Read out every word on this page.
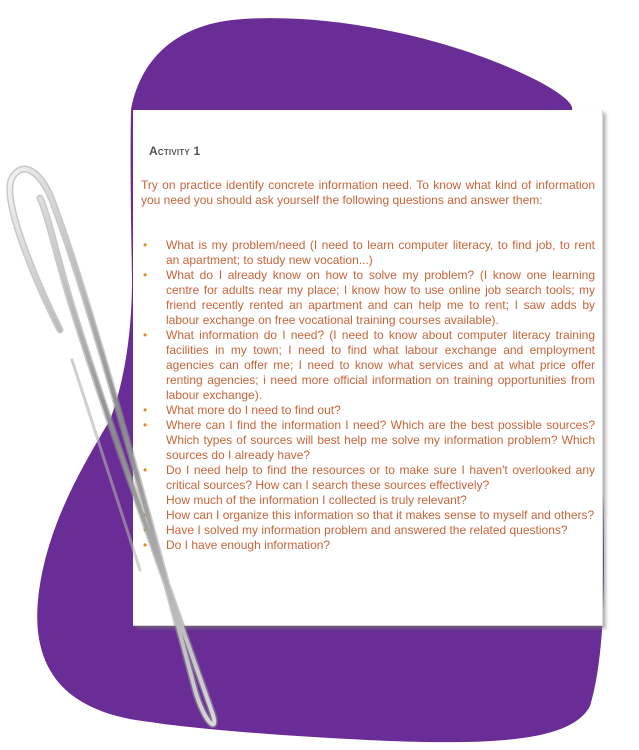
Activity 1

Try on practice identify concrete information need. To know what kind of information you need you should ask yourself the following questions and answer them:

• What is my problem/need (I need to learn computer literacy, to find job, to rent an apartment; to study new vocation...)
• What do I already know on how to solve my problem? (I know one learning centre for adults near my place; I know how to use online job search tools; my friend recently rented an apartment and can help me to rent; I saw adds by labour exchange on free vocational training courses available).
• What information do I need? (I need to know about computer literacy training facilities in my town; I need to find what labour exchange and employment agencies can offer me; I need to know what services and at what price offer renting agencies; i need more official information on training opportunities from labour exchange).
• What more do I need to find out?
• Where can I find the information I need? Which are the best possible sources? Which types of sources will best help me solve my information problem? Which sources do I already have?
• Do I need help to find the resources or to make sure I haven't overlooked any critical sources? How can I search these sources effectively?
How much of the information I collected is truly relevant?
• How can I organize this information so that it makes sense to myself and others?
• Have I solved my information problem and answered the related questions?
• Do I have enough information?
